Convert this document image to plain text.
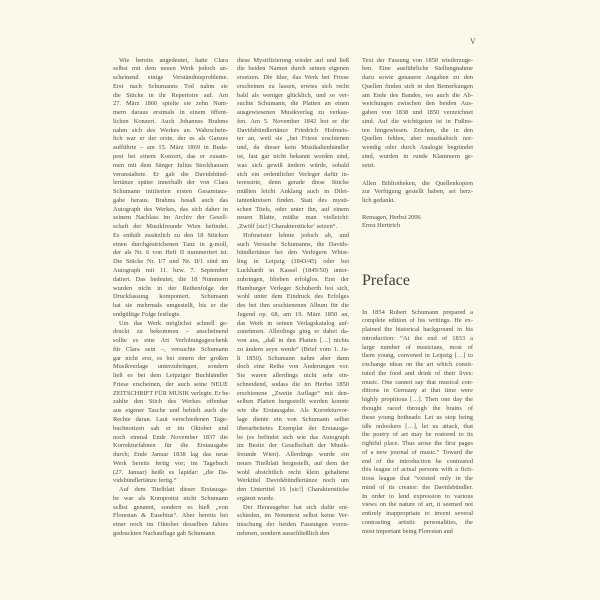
V
Wie bereits angedeutet, hatte Clara
selbst mit dem neuen Werk jedoch an-
scheinend einige Verständnisprobleme.
Erst nach Schumanns Tod nahm sie
die Stücke in ihr Repertoire auf. Am
27. März 1860 spielte sie zehn Num-
mern daraus erstmals in einem öffent-
lichen Konzert. Auch Johannes Brahms
nahm sich des Werkes an. Wahrschein-
lich war er der erste, der es als Ganzes
aufführte – am 15. März 1869 in Buda-
pest bei einem Konzert, das er zusam-
men mit dem Sänger Julius Stockhausen
veranstaltete. Er gab die Davidsbünd-
lertänze später innerhalb der von Clara
Schumann initiierten ersten Gesamtaus-
gabe heraus. Brahms besaß auch das
Autograph des Werkes, das sich daher in
seinem Nachlass im Archiv der Gesell-
schaft der Musikfreunde Wien befindet.
Es enthält zusätzlich zu den 18 Stücken
einen durchgestrichenen Tanz in g-moll,
der als Nr. 6 von Heft II nummeriert ist.
Die Stücke Nr. I/7 und Nr. II/1 sind im
Autograph mit 11. bzw. 7. September
datiert. Das bedeutet, die 18 Nummern
wurden nicht in der Reihenfolge der
Druckfassung komponiert. Schumann
hat sie mehrmals umgestellt, bis er die
endgültige Folge festlegte.
Um das Werk möglichst schnell ge-
druckt zu bekommen – anscheinend
sollte es eine Art Verlobungsgeschenk
für Clara sein –, versuchte Schumann
gar nicht erst, es bei einem der großen
Musikverlage unterzubringen, sondern
ließ es bei dem Leipziger Buchhändler
Friese erscheinen, der auch seine NEUE
ZEITSCHRIFT FÜR MUSIK verlegte. Er be-
zahlte den Stich des Werkes offenbar
aus eigener Tasche und behielt auch die
Rechte daran. Laut verschiedenen Tage-
buchnotizen sah er im Oktober und
noch einmal Ende November 1837 die
Korrekturfahnen für die Erstausgabe
durch; Ende Januar 1838 lag das neue
Werk bereits fertig vor; im Tagebuch
(27. Januar) heißt es lapidar: „die Da-
vidsbündlertänze fertig.“
Auf dem Titelblatt dieser Erstausga-
be war als Komponist nicht Schumann
selbst genannt, sondern es hieß „von
Florestan & Eusebius“. Aber bereits bei
einer noch im Oktober desselben Jahres
gedruckten Nachauflage gab Schumann
diese Mystifizierung wieder auf und ließ
die beiden Namen durch seinen eigenen
ersetzen. Die Idee, das Werk bei Friese
erscheinen zu lassen, erwies sich recht
bald als weniger glücklich, und so ver-
suchte Schumann, die Platten an einen
ausgewiesenen Musikverlag zu verkau-
fen. Am 5. November 1842 bot er die
Davidsbündlertänze Friedrich Hofmeis-
ter an, weil sie „bei Friese erschienen
und, da dieser kein Musikalienhändler
ist, fast gar nicht bekannt worden sind,
was sich gewiß ändern würde, sobald
sich ein ordentlicher Verleger dafür in-
teressirte, denn gerade diese Stücke
müßten leicht Anklang auch in Dilet-
tantenkreisen finden. Statt des mysti-
schen Titels, oder unter ihn, auf einem
neuen Blatte, müßte man vielleicht:
‚Zwölf [sic!] Charakterstücke‘ setzen“.
Hofmeister lehnte jedoch ab, und
auch Versuche Schumanns, die Davids-
bündlertänze bei den Verlegern Whist-
ling in Leipzig (1843/45) oder bei
Luckhardt in Kassel (1849/50) unter-
zubringen, blieben erfolglos. Erst der
Hamburger Verleger Schuberth bot sich,
wohl unter dem Eindruck des Erfolges
des bei ihm erschienenen Album für die
Jugend op. 68, am 19. März 1850 an,
das Werk in seinen Verlagskatalog auf-
zunehmen. Allerdings ging er dabei da-
von aus, „daß in den Platten […] nichts
zu ändern seyn werde“ (Brief vom 1. Ju-
li 1850). Schumann nahm aber dann
doch eine Reihe von Änderungen vor.
Sie waren allerdings nicht sehr ein-
schneidend, sodass die im Herbst 1850
erschienene „Zweite Auflage“ mit den-
selben Platten hergestellt werden konnte
wie die Erstausgabe. Als Korrekturvor-
lage diente ein von Schumann selbst
überarbeitetes Exemplar der Erstausga-
be (es befindet sich wie das Autograph
im Besitz der Gesellschaft der Musik-
freunde Wien). Allerdings wurde ein
neues Titelblatt hergestellt, auf dem der
wohl absichtlich recht klein gehaltene
Werktitel Davidsbündlertänze noch um
den Untertitel 16 [sic!] Charakterstücke
ergänzt wurde.
Der Herausgeber hat sich dafür ent-
schieden, im Notentext selbst keine Ver-
mischung der beiden Fassungen vorzu-
nehmen, sondern ausschließlich den
Text der Fassung von 1850 wiederzuge-
ben. Eine ausführliche Stellungnahme
dazu sowie genauere Angaben zu den
Quellen finden sich in den Bemerkungen
am Ende des Bandes, wo auch die Ab-
weichungen zwischen den beiden Aus-
gaben von 1838 und 1850 verzeichnet
sind. Auf die wichtigsten ist in Fußno-
ten hingewiesen. Zeichen, die in den
Quellen fehlen, aber musikalisch not-
wendig oder durch Analogie begründet
sind, wurden in runde Klammern ge-
setzt.
Allen Bibliotheken, die Quellenkopien
zur Verfügung gestellt haben, sei herz-
lich gedankt.
Remagen, Herbst 2006
Ernst Herttrich
Preface
In 1854 Robert Schumann prepared a
complete edition of his writings. He ex-
plained the historical background in his
introduction: “At the end of 1833 a
large number of musicians, most of
them young, convened in Leipzig […] to
exchange ideas on the art which consti-
tuted the food and drink of their lives:
music. One cannot say that musical con-
ditions in Germany at that time were
highly propitious […]. Then one day the
thought raced through the brains of
these young hotheads: Let us stop being
idle onlookers […], let us attack, that
the poetry of art may be restored to its
rightful place. Thus arose the first pages
of a new journal of music.” Toward the
end of the introduction he contrasted
this league of actual persons with a ficti-
tious league that “existed only in the
mind of its creator: the Davidsbündler.
In order to lend expression to various
views on the nature of art, it seemed not
entirely inappropriate to invent several
contrasting artistic personalities, the
most important being Florestan and
